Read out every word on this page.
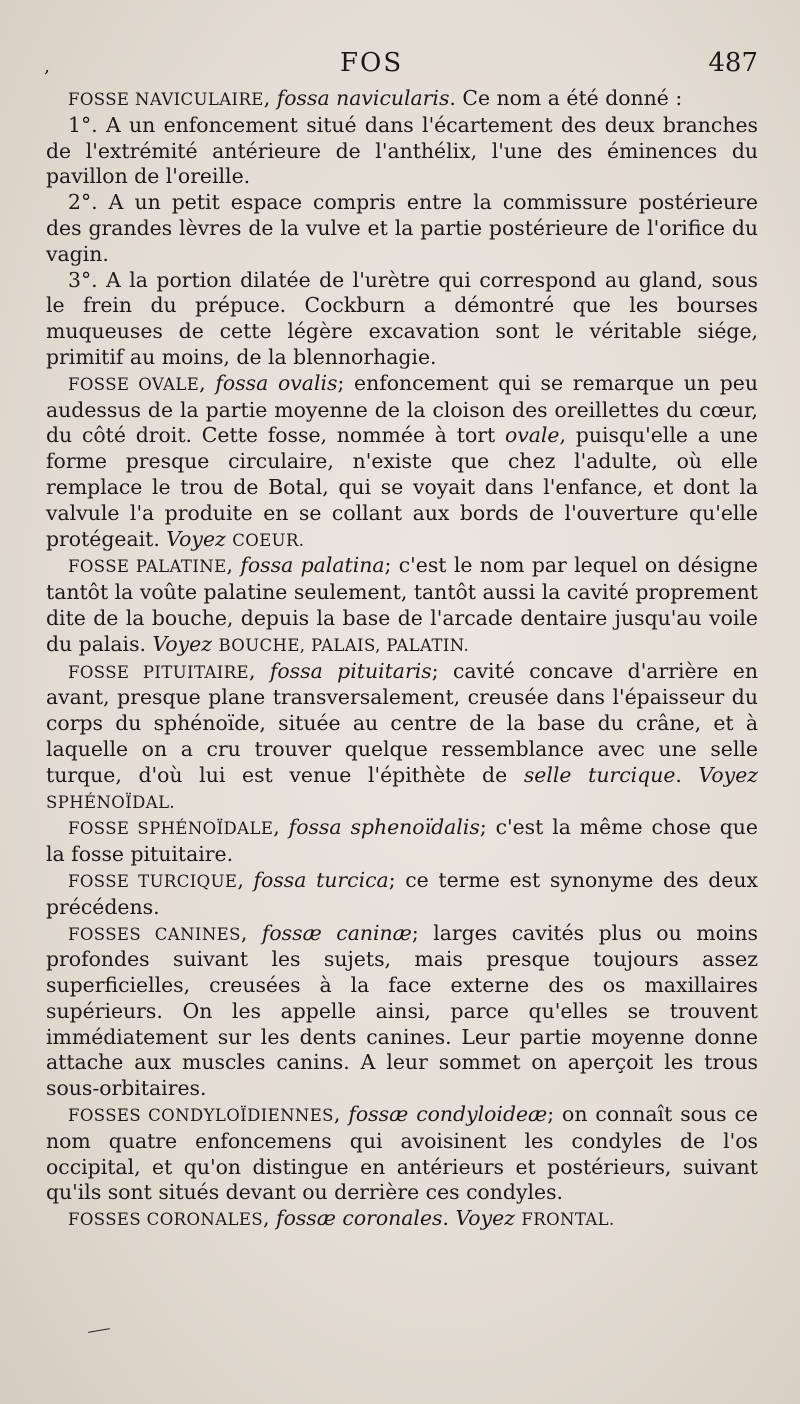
‚	FOS	487

FOSSE NAVICULAIRE, fossa navicularis. Ce nom a été donné :

1°. A un enfoncement situé dans l'écartement des deux branches de l'extrémité antérieure de l'anthélix, l'une des éminences du pavillon de l'oreille.

2°. A un petit espace compris entre la commissure postérieure des grandes lèvres de la vulve et la partie postérieure de l'orifice du vagin.

3°. A la portion dilatée de l'urètre qui correspond au gland, sous le frein du prépuce. Cockburn a démontré que les bourses muqueuses de cette légère excavation sont le véritable siége, primitif au moins, de la blennorhagie.

FOSSE OVALE, fossa ovalis; enfoncement qui se remarque un peu audessus de la partie moyenne de la cloison des oreillettes du cœur, du côté droit. Cette fosse, nommée à tort ovale, puisqu'elle a une forme presque circulaire, n'existe que chez l'adulte, où elle remplace le trou de Botal, qui se voyait dans l'enfance, et dont la valvule l'a produite en se collant aux bords de l'ouverture qu'elle protégeait. Voyez COEUR.

FOSSE PALATINE, fossa palatina; c'est le nom par lequel on désigne tantôt la voûte palatine seulement, tantôt aussi la cavité proprement dite de la bouche, depuis la base de l'arcade dentaire jusqu'au voile du palais. Voyez BOUCHE, PALAIS, PALATIN.

FOSSE PITUITAIRE, fossa pituitaris; cavité concave d'arrière en avant, presque plane transversalement, creusée dans l'épaisseur du corps du sphénoïde, située au centre de la base du crâne, et à laquelle on a cru trouver quelque ressemblance avec une selle turque, d'où lui est venue l'épithète de selle turcique. Voyez SPHÉNOÏDAL.

FOSSE SPHÉNOÏDALE, fossa sphenoïdalis; c'est la même chose que la fosse pituitaire.

FOSSE TURCIQUE, fossa turcica; ce terme est synonyme des deux précédens.

FOSSES CANINES, fossæ caninæ; larges cavités plus ou moins profondes suivant les sujets, mais presque toujours assez superficielles, creusées à la face externe des os maxillaires supérieurs. On les appelle ainsi, parce qu'elles se trouvent immédiatement sur les dents canines. Leur partie moyenne donne attache aux muscles canins. A leur sommet on aperçoit les trous sous-orbitaires.

FOSSES CONDYLOÏDIENNES, fossæ condyloideæ; on connaît sous ce nom quatre enfoncemens qui avoisinent les condyles de l'os occipital, et qu'on distingue en antérieurs et postérieurs, suivant qu'ils sont situés devant ou derrière ces condyles.

FOSSES CORONALES, fossæ coronales. Voyez FRONTAL.
